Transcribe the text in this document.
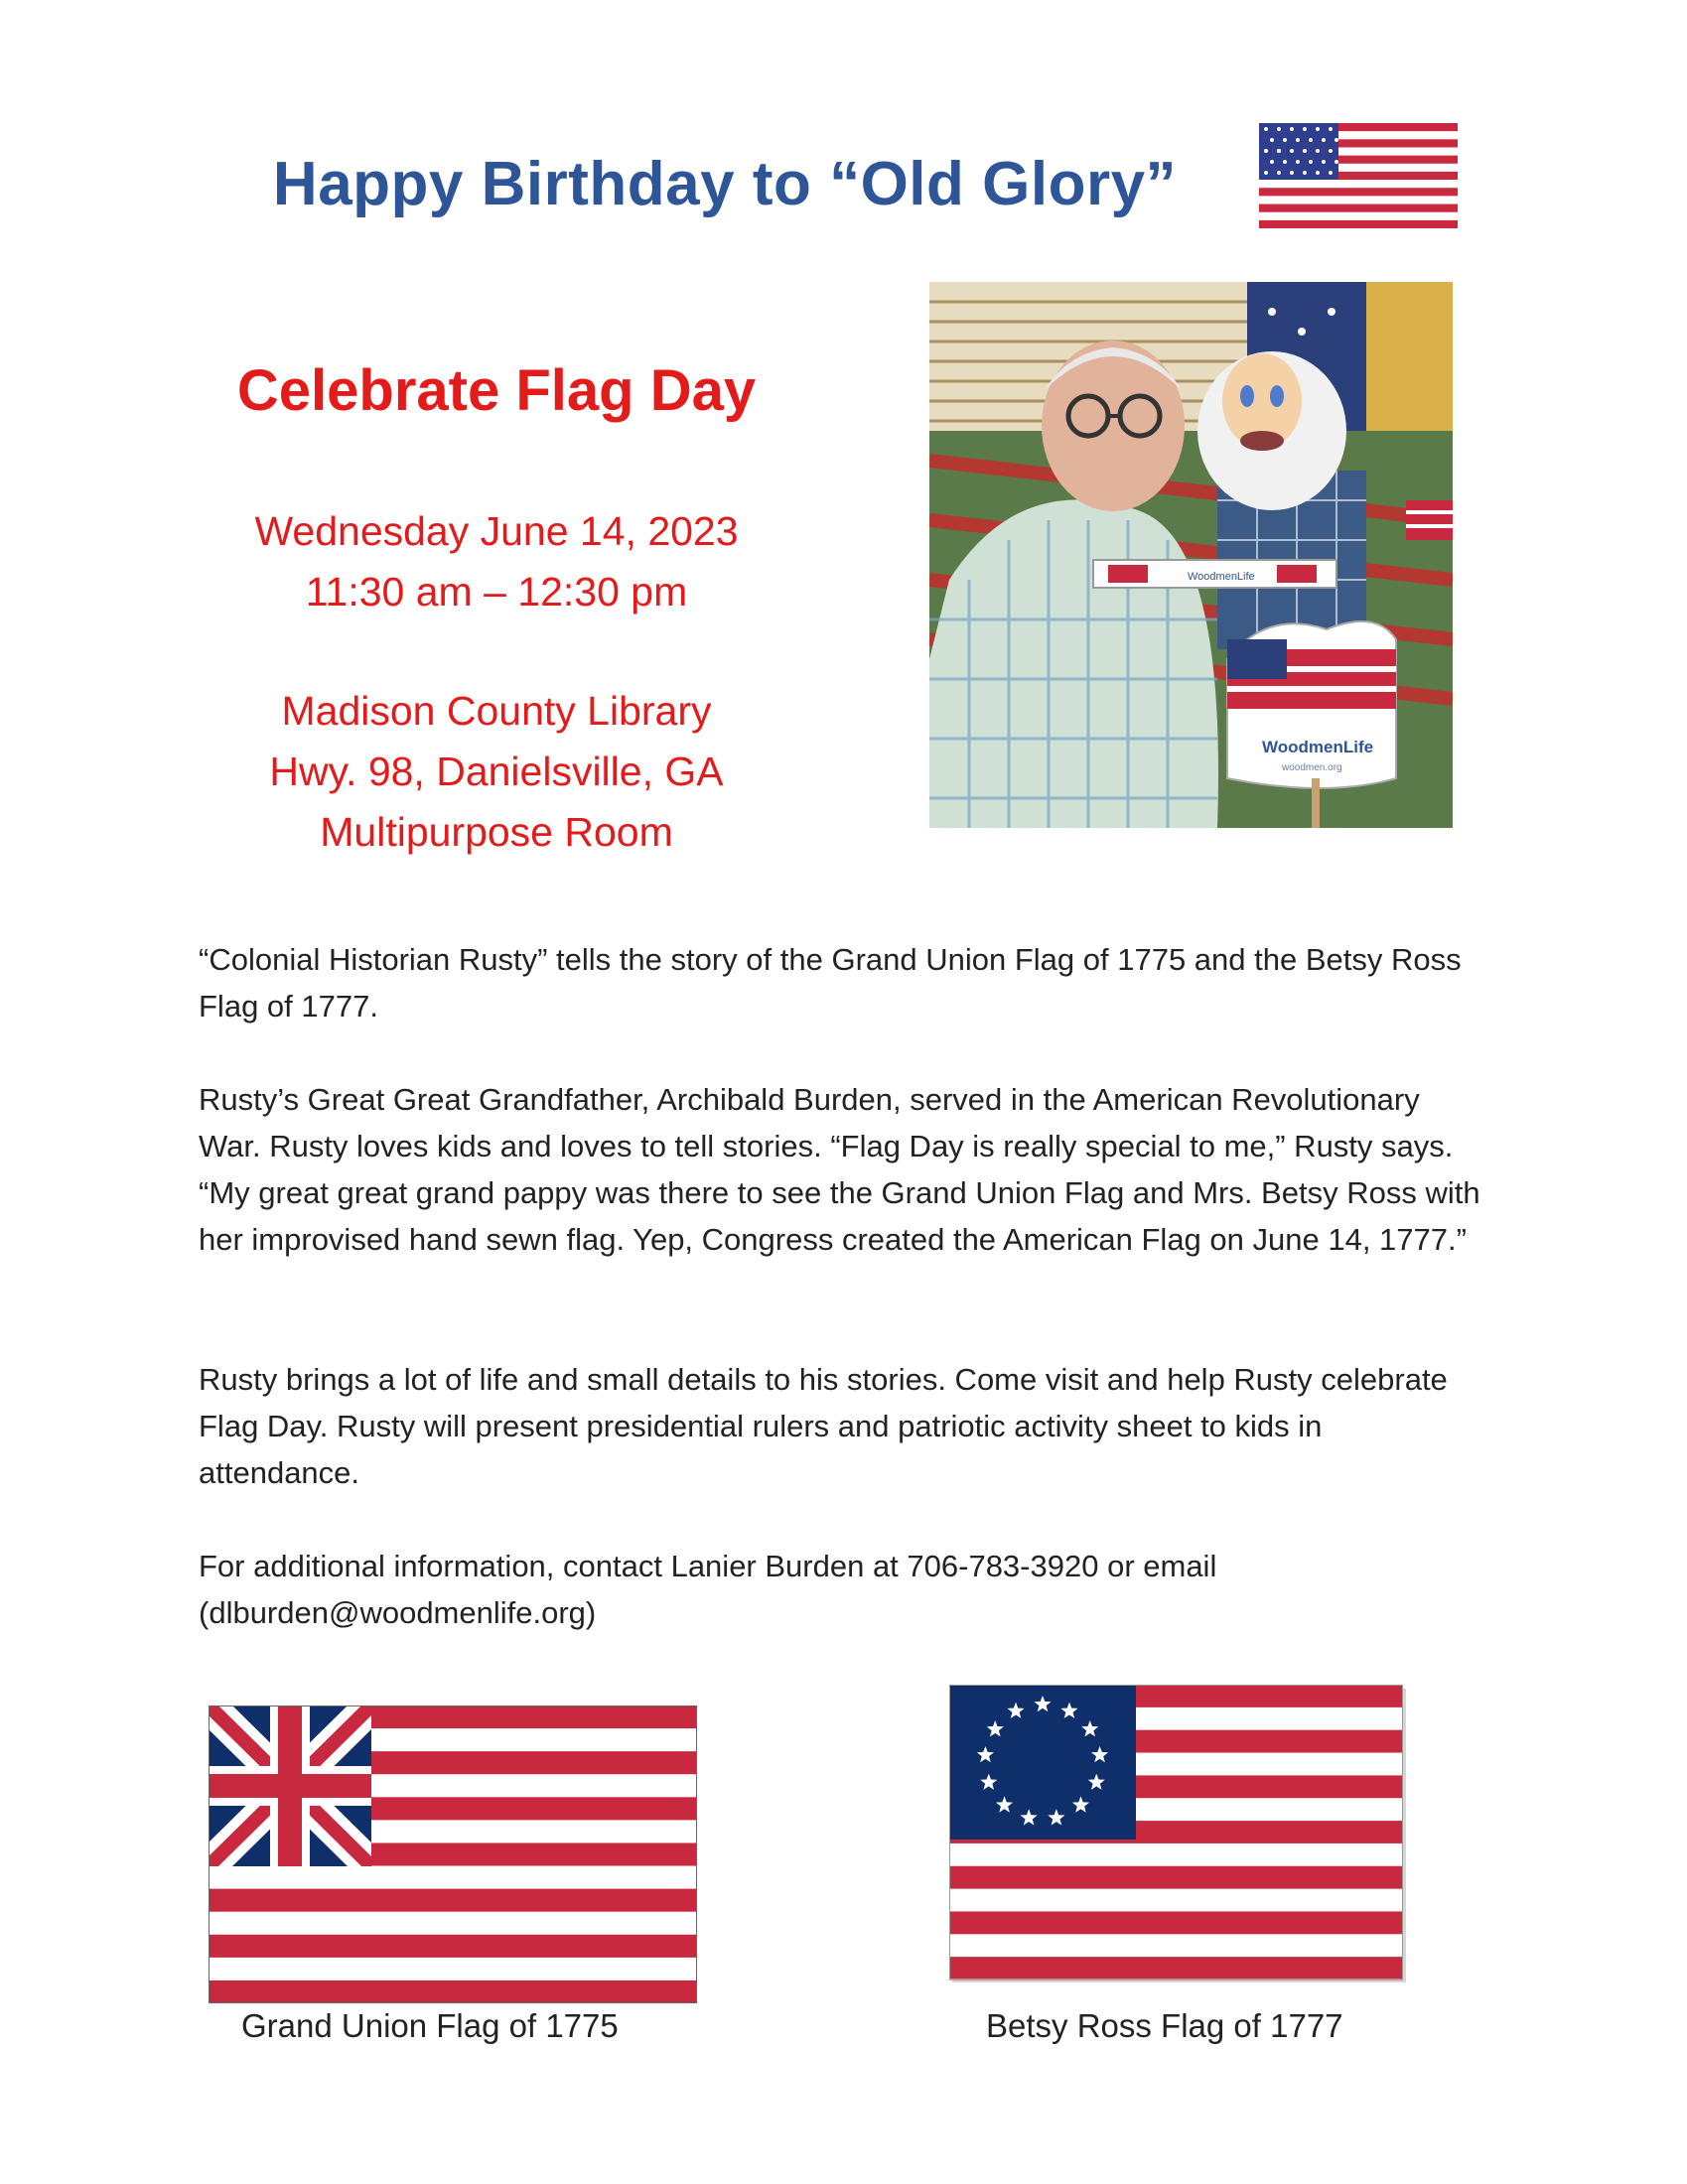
Happy Birthday to “Old Glory”
Celebrate Flag Day
Wednesday June 14, 2023
11:30 am – 12:30 pm
Madison County Library
Hwy. 98, Danielsville, GA
Multipurpose Room
WoodmenLife
WoodmenLife
woodmen.org
“Colonial Historian Rusty” tells the story of the Grand Union Flag of 1775 and the Betsy Ross Flag of 1777.
Rusty’s Great Great Grandfather, Archibald Burden, served in the American Revolutionary War. Rusty loves kids and loves to tell stories. “Flag Day is really special to me,” Rusty says. “My great great grand pappy was there to see the Grand Union Flag and Mrs. Betsy Ross with her improvised hand sewn flag. Yep, Congress created the American Flag on June 14, 1777.”
Rusty brings a lot of life and small details to his stories. Come visit and help Rusty celebrate Flag Day. Rusty will present presidential rulers and patriotic activity sheet to kids in attendance.
For additional information, contact Lanier Burden at 706-783-3920 or email (dlburden@woodmenlife.org)
Grand Union Flag of 1775	Betsy Ross Flag of 1777
